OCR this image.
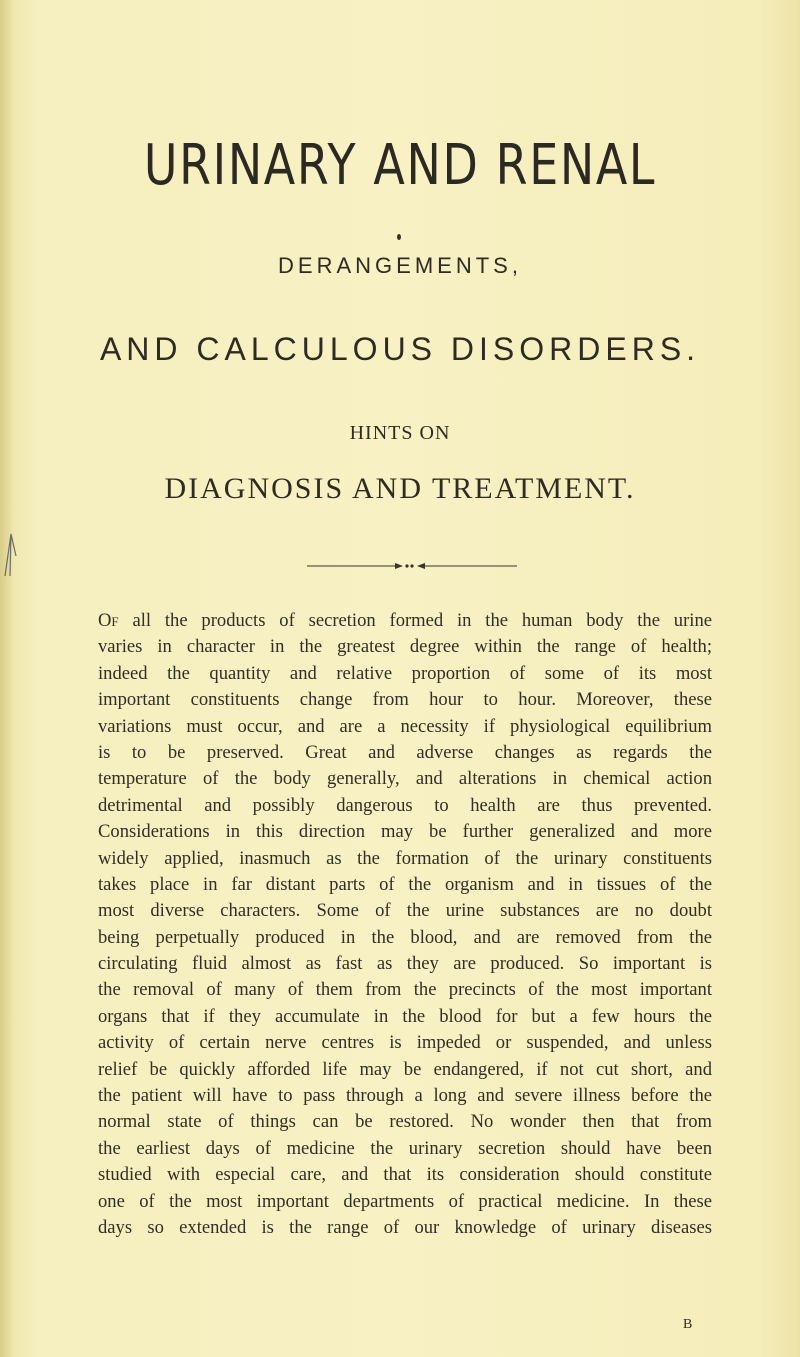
URINARY AND RENAL
DERANGEMENTS,
AND CALCULOUS DISORDERS.
HINTS ON
DIAGNOSIS AND TREATMENT.
Of all the products of secretion formed in the human body the urine
varies in character in the greatest degree within the range of health;
indeed the quantity and relative proportion of some of its most
important constituents change from hour to hour. Moreover, these
variations must occur, and are a necessity if physiological equilibrium
is to be preserved. Great and adverse changes as regards the
temperature of the body generally, and alterations in chemical action
detrimental and possibly dangerous to health are thus prevented.
Considerations in this direction may be further generalized and more
widely applied, inasmuch as the formation of the urinary constituents
takes place in far distant parts of the organism and in tissues of the
most diverse characters. Some of the urine substances are no doubt
being perpetually produced in the blood, and are removed from the
circulating fluid almost as fast as they are produced. So important is
the removal of many of them from the precincts of the most important
organs that if they accumulate in the blood for but a few hours the
activity of certain nerve centres is impeded or suspended, and unless
relief be quickly afforded life may be endangered, if not cut short, and
the patient will have to pass through a long and severe illness before the
normal state of things can be restored. No wonder then that from
the earliest days of medicine the urinary secretion should have been
studied with especial care, and that its consideration should constitute
one of the most important departments of practical medicine. In these
days so extended is the range of our knowledge of urinary diseases
B
